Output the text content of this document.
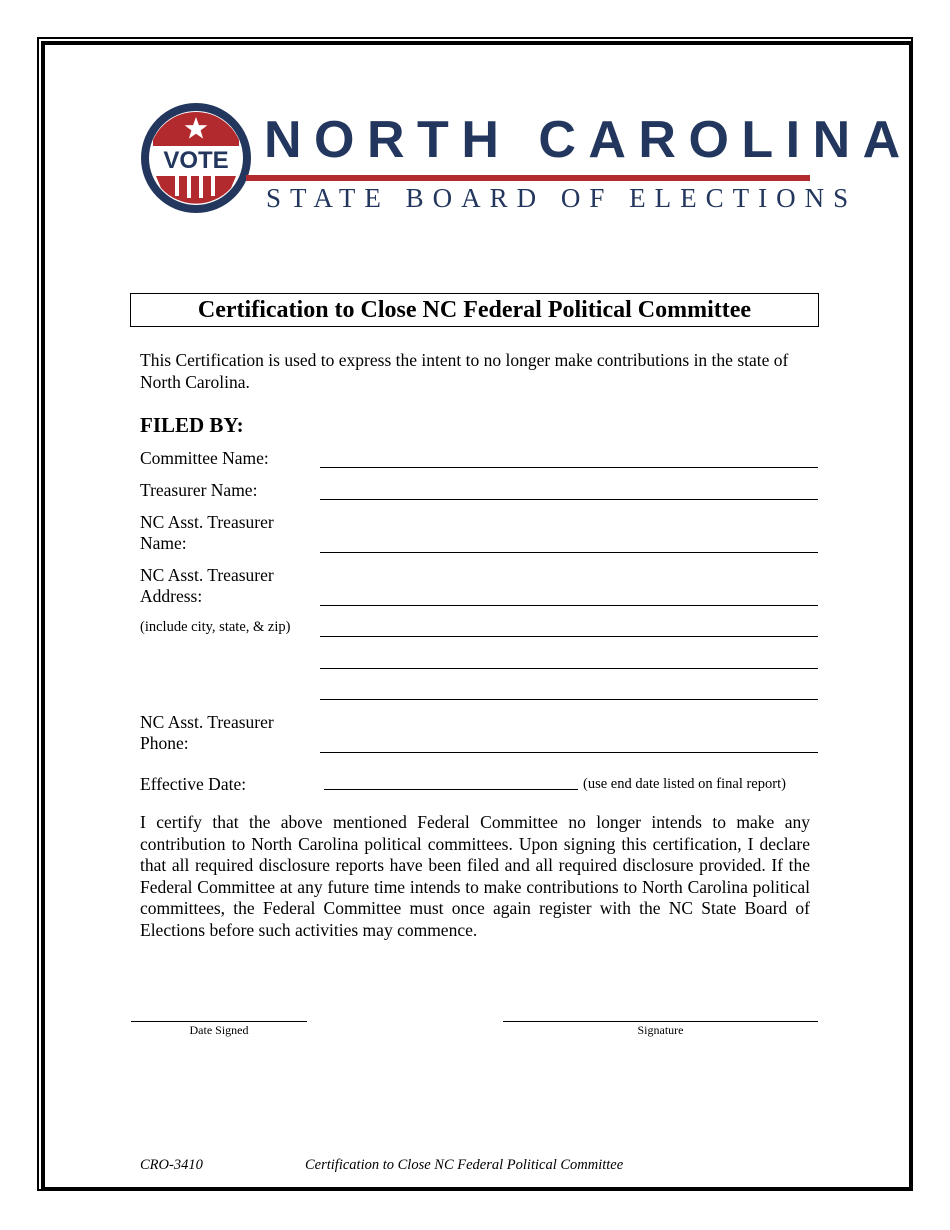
VOTE NORTH CAROLINA
STATE BOARD OF ELECTIONS
Certification to Close NC Federal Political Committee
This Certification is used to express the intent to no longer make contributions in the state of North Carolina.
FILED BY:
Committee Name:
Treasurer Name:
NC Asst. Treasurer
Name:
NC Asst. Treasurer
Address:
(include city, state, & zip)
NC Asst. Treasurer
Phone:
Effective Date:	(use end date listed on final report)
I certify that the above mentioned Federal Committee no longer intends to make any contribution to North Carolina political committees. Upon signing this certification, I declare that all required disclosure reports have been filed and all required disclosure provided. If the Federal Committee at any future time intends to make contributions to North Carolina political committees, the Federal Committee must once again register with the NC State Board of Elections before such activities may commence.
Date Signed	Signature
CRO-3410	Certification to Close NC Federal Political Committee
